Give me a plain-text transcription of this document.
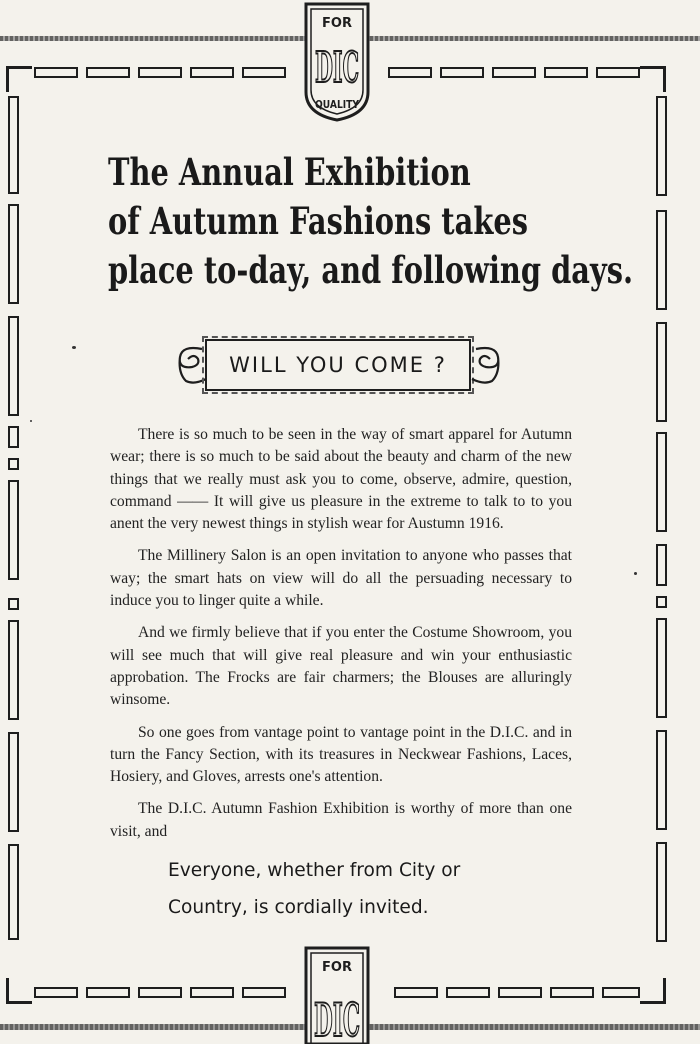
FOR
DIC
QUALITY
The Annual Exhibition
of Autumn Fashions takes
place to-day, and following days.
WILL YOU COME ?

There is so much to be seen in the way of smart apparel for Autumn wear; there is so much to be said about the beauty and charm of the new things that we really must ask you to come, observe, admire, question, command —— It will give us pleasure in the extreme to talk to to you anent the very newest things in stylish wear for Austumn 1916.

The Millinery Salon is an open invitation to anyone who passes that way; the smart hats on view will do all the persuading necessary to induce you to linger quite a while.

And we firmly believe that if you enter the Costume Showroom, you will see much that will give real pleasure and win your enthusiastic approbation. The Frocks are fair charmers; the Blouses are alluringly winsome.

So one goes from vantage point to vantage point in the D.I.C. and in turn the Fancy Section, with its treasures in Neckwear Fashions, Laces, Hosiery, and Gloves, arrests one's attention.

The D.I.C. Autumn Fashion Exhibition is worthy of more than one visit, and

Everyone, whether from City or
Country, is cordially invited.
FOR
DIC
